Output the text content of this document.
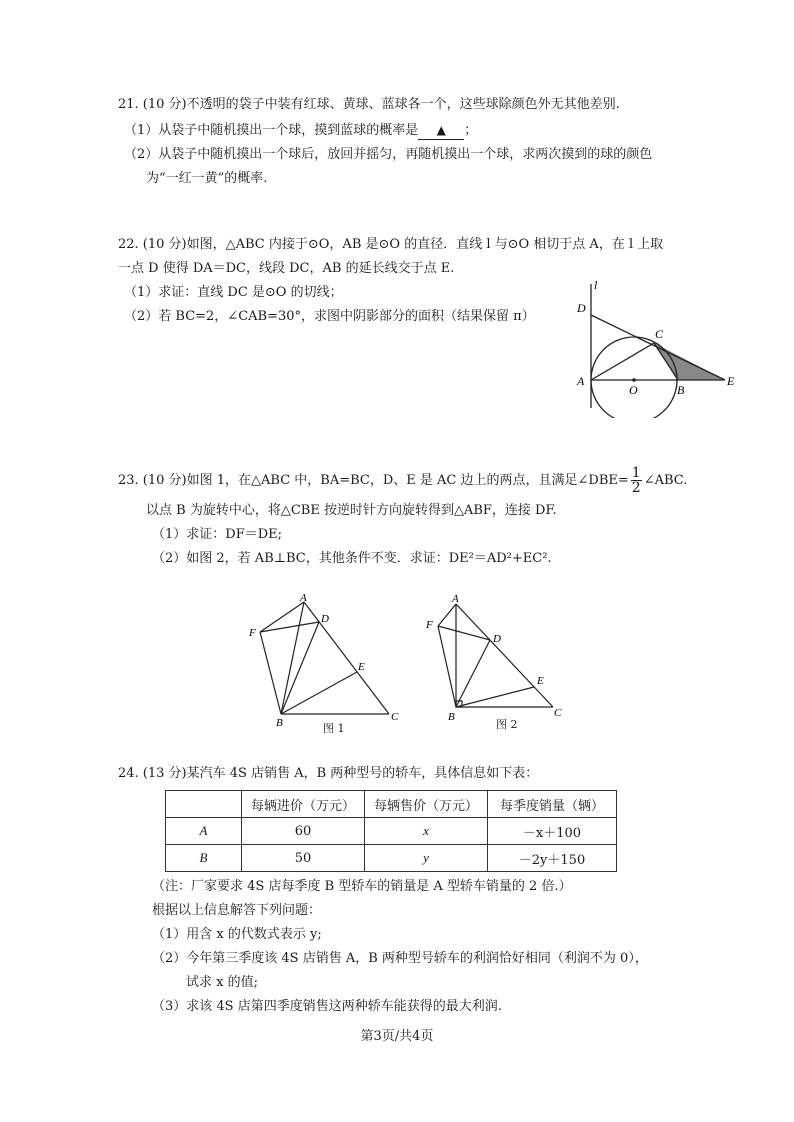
21. (10 分)不透明的袋子中装有红球、黄球、蓝球各一个，这些球除颜色外无其他差别.
（1）从袋子中随机摸出一个球，摸到蓝球的概率是 ▲ ；
（2）从袋子中随机摸出一个球后，放回并摇匀，再随机摸出一个球，求两次摸到的球的颜色
为“一红一黄”的概率.
22. (10 分)如图，△ABC 内接于⊙O，AB 是⊙O 的直径．直线 l 与⊙O 相切于点 A，在 l 上取
一点 D 使得 DA＝DC，线段 DC，AB 的延长线交于点 E.
（1）求证：直线 DC 是⊙O 的切线；
（2）若 BC=2，∠CAB=30°，求图中阴影部分的面积（结果保留 π）
l
D
C
A
O	B
E
23. (10 分)如图 1，在△ABC 中，BA=BC，D、E 是 AC 边上的两点，且满足∠DBE= $\frac{1}{2}$ ∠ABC.
以点 B 为旋转中心，将△CBE 按逆时针方向旋转得到△ABF，连接 DF.
（1）求证：DF＝DE;
（2）如图 2，若 AB⊥BC，其他条件不变．求证：DE²＝AD²+EC².
A
F
D
E
B	C
图 1
A
F
D
E
B	C
图 2
24. (13 分)某汽车 4S 店销售 A，B 两种型号的轿车，具体信息如下表：
	每辆进价（万元）	每辆售价（万元）	每季度销量（辆）
A	60	x	－x＋100
B	50	y	－2y＋150
（注：厂家要求 4S 店每季度 B 型轿车的销量是 A 型轿车销量的 2 倍.）
根据以上信息解答下列问题：
（1）用含 x 的代数式表示 y;
（2）今年第三季度该 4S 店销售 A，B 两种型号轿车的利润恰好相同（利润不为 0），
试求 x 的值;
（3）求该 4S 店第四季度销售这两种轿车能获得的最大利润.
第3页/共4页
